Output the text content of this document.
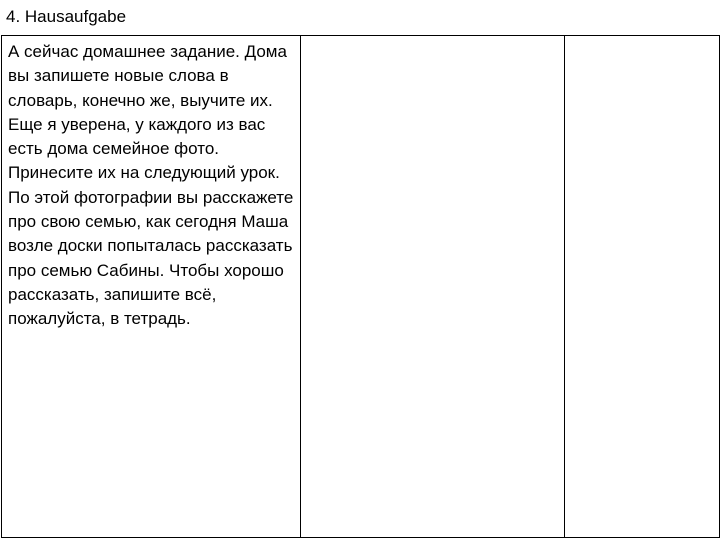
4. Hausaufgabe
А сейчас домашнее задание. Дома вы запишете новые слова в словарь, конечно же, выучите их. Еще я уверена, у каждого из вас есть дома семейное фото. Принесите их на следующий урок. По этой фотографии вы расскажете про свою семью, как сегодня Маша возле доски попыталась рассказать про семью Сабины. Чтобы хорошо рассказать, запишите всё, пожалуйста, в тетрадь.
